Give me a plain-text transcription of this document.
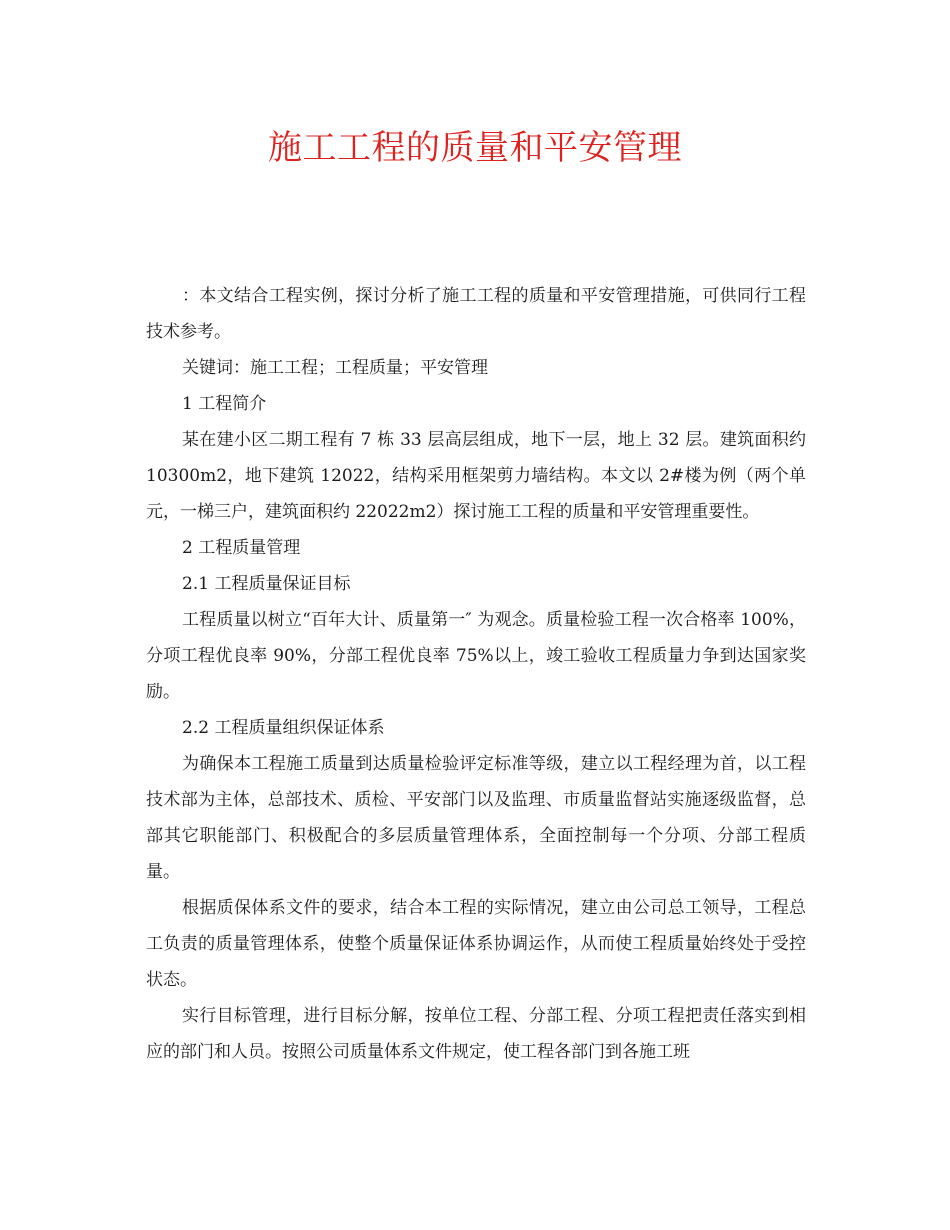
施工工程的质量和平安管理

：本文结合工程实例，探讨分析了施工工程的质量和平安管理措施，可供同行工程技术参考。

关键词：施工工程；工程质量；平安管理

1 工程简介

某在建小区二期工程有 7 栋 33 层高层组成，地下一层，地上 32 层。建筑面积约 10300m2，地下建筑 12022，结构采用框架剪力墙结构。本文以 2#楼为例（两个单元，一梯三户，建筑面积约 22022m2）探讨施工工程的质量和平安管理重要性。

2 工程质量管理

2.1 工程质量保证目标

工程质量以树立“百年大计、质量第一″ 为观念。质量检验工程一次合格率 100%，分项工程优良率 90%，分部工程优良率 75%以上，竣工验收工程质量力争到达国家奖励。

2.2 工程质量组织保证体系

为确保本工程施工质量到达质量检验评定标准等级，建立以工程经理为首，以工程技术部为主体，总部技术、质检、平安部门以及监理、市质量监督站实施逐级监督，总部其它职能部门、积极配合的多层质量管理体系，全面控制每一个分项、分部工程质量。

根据质保体系文件的要求，结合本工程的实际情况，建立由公司总工领导，工程总工负责的质量管理体系，使整个质量保证体系协调运作，从而使工程质量始终处于受控状态。

实行目标管理，进行目标分解，按单位工程、分部工程、分项工程把责任落实到相应的部门和人员。按照公司质量体系文件规定，使工程各部门到各施工班
